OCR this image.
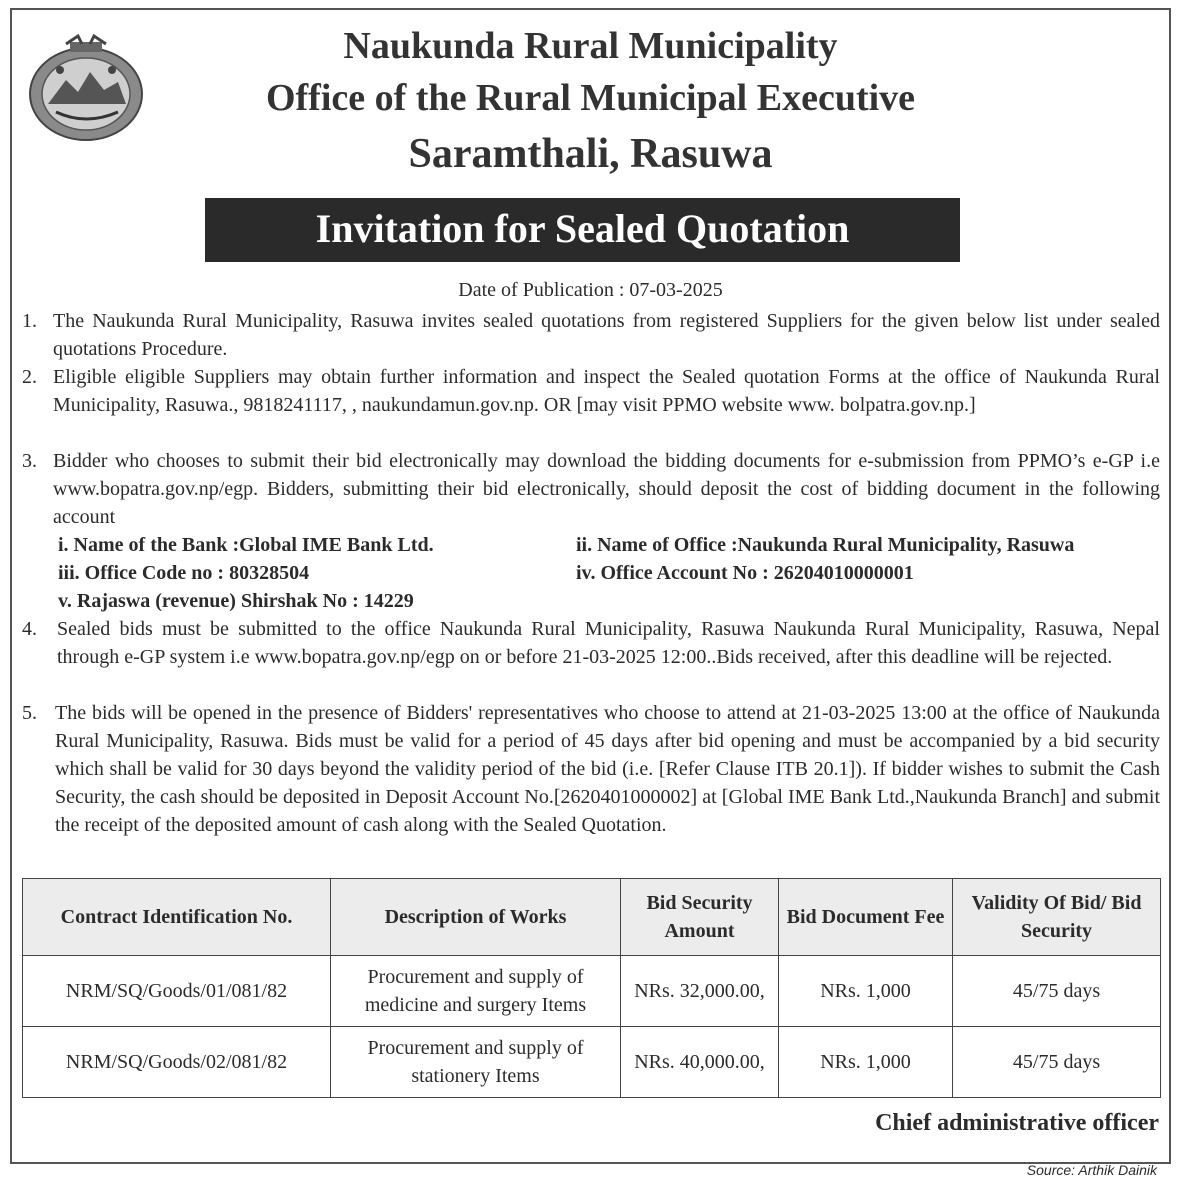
Naukunda Rural Municipality
Office of the Rural Municipal Executive
Saramthali, Rasuwa
Invitation for Sealed Quotation
Date of Publication : 07-03-2025
1. The Naukunda Rural Municipality, Rasuwa invites sealed quotations from registered Suppliers for the given below list under sealed quotations Procedure.
2. Eligible eligible Suppliers may obtain further information and inspect the Sealed quotation Forms at the office of Naukunda Rural Municipality, Rasuwa., 9818241117, , naukundamun.gov.np. OR [may visit PPMO website www. bolpatra.gov.np.]
3. Bidder who chooses to submit their bid electronically may download the bidding documents for e-submission from PPMO’s e-GP i.e www.bopatra.gov.np/egp. Bidders, submitting their bid electronically, should deposit the cost of bidding document in the following account
i. Name of the Bank :Global IME Bank Ltd.	ii. Name of Office :Naukunda Rural Municipality, Rasuwa
iii. Office Code no : 80328504	iv. Office Account No : 26204010000001
v. Rajaswa (revenue) Shirshak No : 14229
4.	Sealed bids must be submitted to the office Naukunda Rural Municipality, Rasuwa Naukunda Rural Municipality, Rasuwa, Nepal through e-GP system i.e www.bopatra.gov.np/egp on or before 21-03-2025 12:00..Bids received, after this deadline will be rejected.
5. The bids will be opened in the presence of Bidders' representatives who choose to attend at 21-03-2025 13:00 at the office of Naukunda Rural Municipality, Rasuwa. Bids must be valid for a period of 45 days after bid opening and must be accompanied by a bid security which shall be valid for 30 days beyond the validity period of the bid (i.e. [Refer Clause ITB 20.1]). If bidder wishes to submit the Cash Security, the cash should be deposited in Deposit Account No.[2620401000002] at [Global IME Bank Ltd.,Naukunda Branch] and submit the receipt of the deposited amount of cash along with the Sealed Quotation.
Contract Identification No.	Description of Works	Bid Security Amount	Bid Document Fee	Validity Of Bid/ Bid Security
NRM/SQ/Goods/01/081/82	Procurement and supply of medicine and surgery Items	NRs. 32,000.00,	NRs. 1,000	45/75 days
NRM/SQ/Goods/02/081/82	Procurement and supply of stationery Items	NRs. 40,000.00,	NRs. 1,000	45/75 days
Chief administrative officer
Source: Arthik Dainik
